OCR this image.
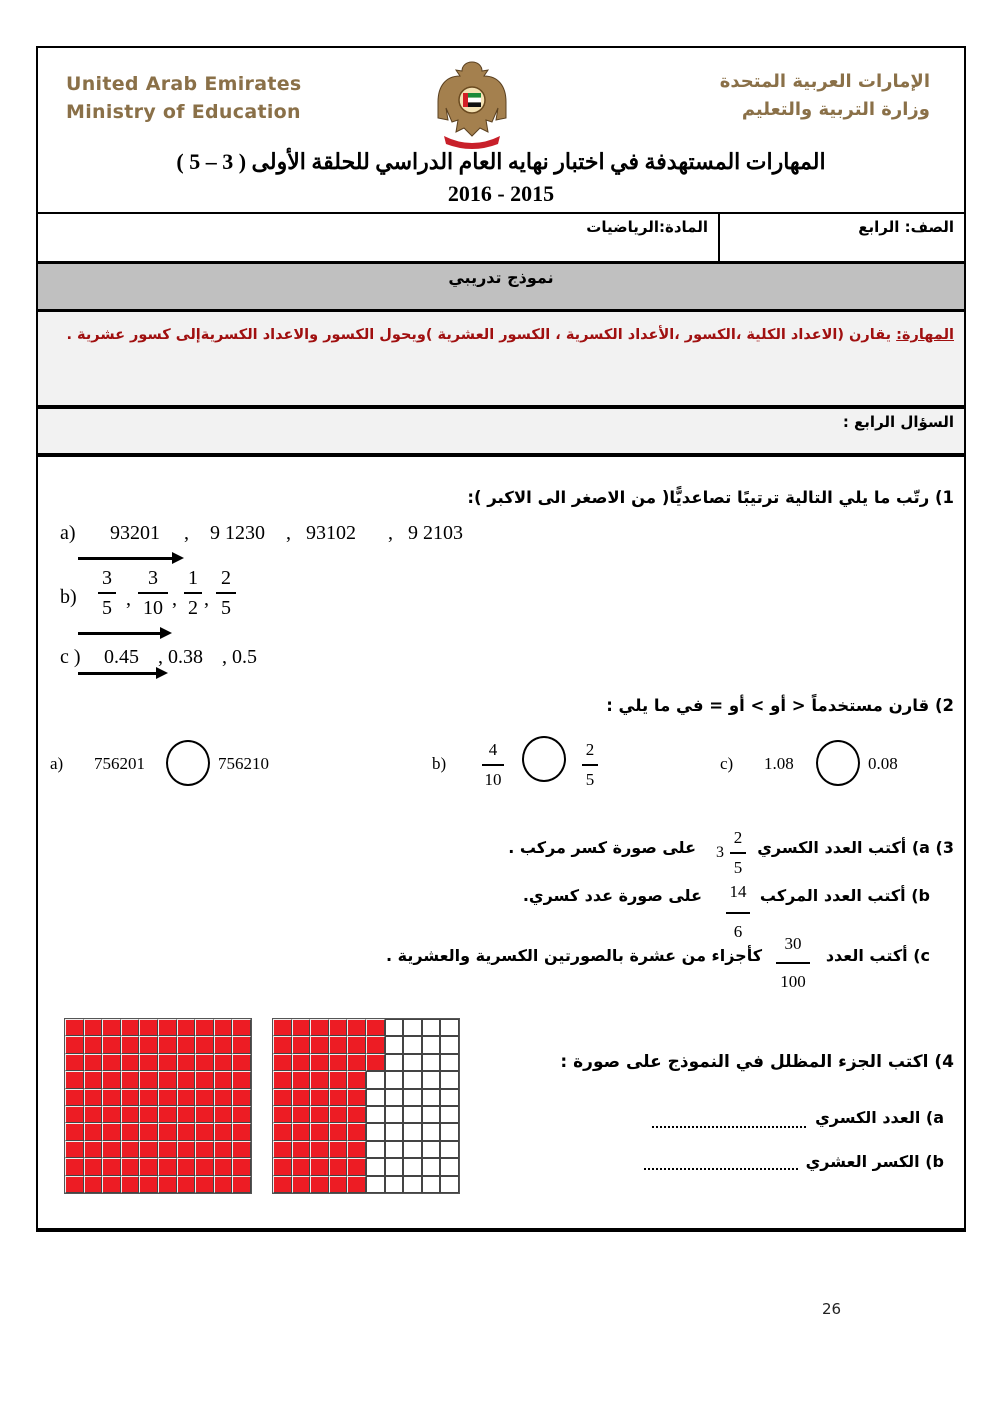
United Arab Emirates
Ministry of Education
الإمارات العربية المتحدة
وزارة التربية والتعليم
المهارات المستهدفة في اختبار نهايه العام الدراسي للحلقة الأولى ( 3 – 5 )
2016 - 2015
الصف: الرابع
المادة:الرياضيات
نموذج تدريبي
المهارة: يقارن (الاعداد الكلية ،الكسور ،الأعداد الكسرية ، الكسور العشرية )ويحول الكسور والاعداد الكسريةإلى كسور عشرية .
السؤال الرابع :
1) رتّب ما يلي التالية ترتيبًا تصاعديًّا( من الاصغر الى الاكبر ):
a) 93201 , 9 1230 , 93102 , 9 2103
b)
3
5 ,
3
10 ,
1
2 ,
2
5
c ) 0.45 , 0.38 , 0.5
2) قارن مستخدماً < أو > أو = في ما يلي :
a) 756201	756210	b)
4
10
2
5
c) 1.08	0.08
3) a) أكتب العدد الكسري
3
2
5
على صورة كسر مركب .
b) أكتب العدد المركب
14
6
على صورة عدد كسري.
c) أكتب العدد
30
100
كأجزاء من عشرة بالصورتين الكسرية والعشرية .
4) اكتب الجزء المظلل في النموذج على صورة :
a) العدد الكسري
b) الكسر العشري
26
